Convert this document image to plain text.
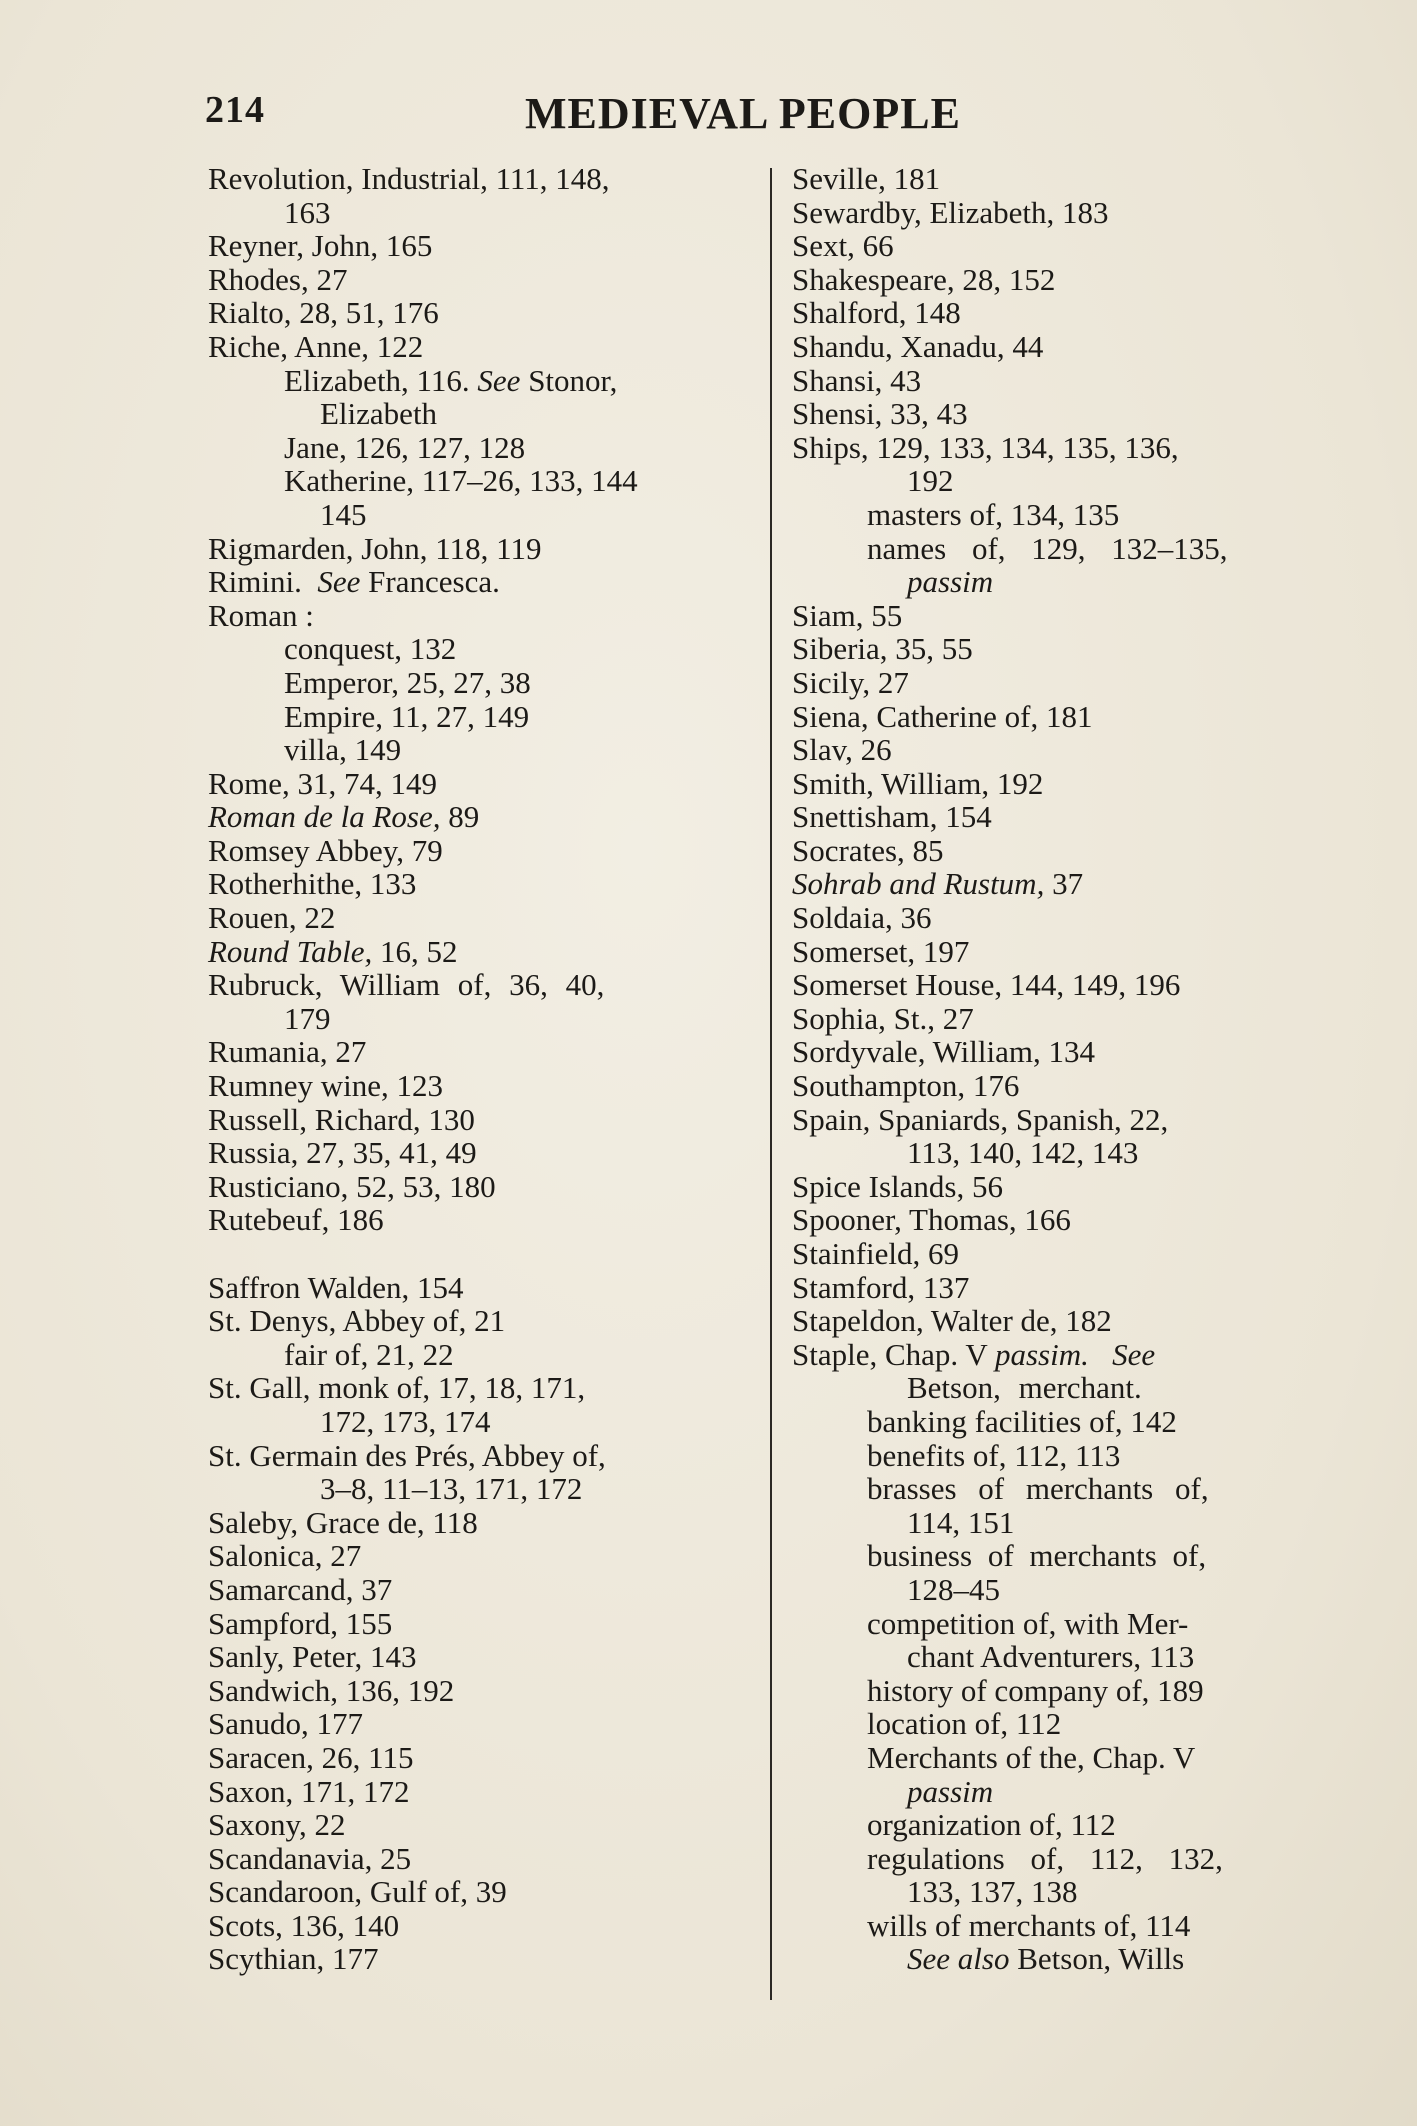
214	MEDIEVAL PEOPLE
Revolution, Industrial, 111, 148,
163
Reyner, John, 165
Rhodes, 27
Rialto, 28, 51, 176
Riche, Anne, 122
Elizabeth, 116. See Stonor,
Elizabeth
Jane, 126, 127, 128
Katherine, 117–26, 133, 144
145
Rigmarden, John, 118, 119
Rimini. See Francesca.
Roman :
conquest, 132
Emperor, 25, 27, 38
Empire, 11, 27, 149
villa, 149
Rome, 31, 74, 149
Roman de la Rose, 89
Romsey Abbey, 79
Rotherhithe, 133
Rouen, 22
Round Table, 16, 52
Rubruck, William of, 36, 40,
179
Rumania, 27
Rumney wine, 123
Russell, Richard, 130
Russia, 27, 35, 41, 49
Rusticiano, 52, 53, 180
Rutebeuf, 186
Saffron Walden, 154
St. Denys, Abbey of, 21
fair of, 21, 22
St. Gall, monk of, 17, 18, 171,
172, 173, 174
St. Germain des Prés, Abbey of,
3–8, 11–13, 171, 172
Saleby, Grace de, 118
Salonica, 27
Samarcand, 37
Sampford, 155
Sanly, Peter, 143
Sandwich, 136, 192
Sanudo, 177
Saracen, 26, 115
Saxon, 171, 172
Saxony, 22
Scandanavia, 25
Scandaroon, Gulf of, 39
Scots, 136, 140
Scythian, 177
Seville, 181
Sewardby, Elizabeth, 183
Sext, 66
Shakespeare, 28, 152
Shalford, 148
Shandu, Xanadu, 44
Shansi, 43
Shensi, 33, 43
Ships, 129, 133, 134, 135, 136,
192
masters of, 134, 135
names of, 129, 132–135,
passim
Siam, 55
Siberia, 35, 55
Sicily, 27
Siena, Catherine of, 181
Slav, 26
Smith, William, 192
Snettisham, 154
Socrates, 85
Sohrab and Rustum, 37
Soldaia, 36
Somerset, 197
Somerset House, 144, 149, 196
Sophia, St., 27
Sordyvale, William, 134
Southampton, 176
Spain, Spaniards, Spanish, 22,
113, 140, 142, 143
Spice Islands, 56
Spooner, Thomas, 166
Stainfield, 69
Stamford, 137
Stapeldon, Walter de, 182
Staple, Chap. V passim. See
Betson, merchant.
banking facilities of, 142
benefits of, 112, 113
brasses of merchants of,
114, 151
business of merchants of,
128–45
competition of, with Mer-
chant Adventurers, 113
history of company of, 189
location of, 112
Merchants of the, Chap. V
passim
organization of, 112
regulations of, 112, 132,
133, 137, 138
wills of merchants of, 114
See also Betson, Wills
